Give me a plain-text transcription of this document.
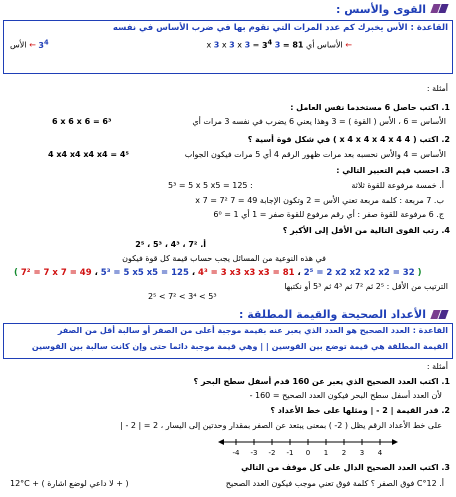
القوى والأسس :
القاعدة : الأس يخبرك كم عدد المرات التي تقوم بها في ضرب الأساس في نفسه
الأس ← $3^4$	← الأساس أي 81 = 3 x 3 x 3 x $3 = 3^4$
أمثلة :
1. اكتب حاصل 6 مستخدما نفس العامل :
الأساس = 6 ، الأس ( القوة ) = 3 وهذا يعني 6 يضرب في نفسه 3 مرات أي
6 x 6 x 6 = 6³
2. اكتب ( 4 x 4 x 4 x 4 x 4 ) في شكل قوة أسية ؟
الأساس = 4 والأس نحسبه بعد مرات ظهور الرقم 4 أي 5 مرات فيكون الجواب
4 x4 x4 x4 x4 = 4⁵
3. احسب قيم التعبير التالي :
أ. خمسة مرفوعة للقوة ثلاثة
5³ = 5 x 5 x5 = 125 :
ب. 7 مربعة : كلمة مربعة تعني الأس = 2 وتكون الإجابة 49 = 7 x 7 = 7²
ج. 6 مرفوعة للقوة صفر : أي رقم مرفوع للقوة صفر = 1 أي 1 = 6⁰
4. رتب القوى التالية من الأقل إلى الأكبر ؟
أ. 7² ، 4³ ، 5³ ، 2⁵
في هذه النوعية من المسائل يجب حساب قيمة كل قوة فيكون
( 7² = 7 x 7 = 49 ، 5³ = 5 x5 x5 = 125 ، 4³ = 3 x3 x3 x3 = 81 ، 2⁵ = 2 x2 x2 x2 x2 = 32 )
الترتيب من الأقل : 2⁵ ثم 7² ثم 4³ ثم 5³ أو نكتبها
2⁵ < 7² < 3⁴ < 5³
الأعداد الصحيحة والقيمة المطلقة :
القاعدة : العدد الصحيح هو العدد الذي يعبر عنه بقيمة موجبة أعلى من الصفر أو سالبة أقل من الصفر
القيمة المطلقة هي قيمة توضع بين القوسين | | وهي قيمة موجبة دائما حتى وإن كانت سالبة بين القوسين
أمثلة :
1. اكتب العدد الصحيح الذي يعبر عن 160 قدم أسفل سطح البحر ؟
لأن العدد أسفل سطح البحر فيكون العدد الصحيح = 160 -
2. قدر القيمة | 2 - | ومثلها على خط الأعداد ؟
على خط الأعداد الرقم يظل ( 2- ) بمعنى يبتعد عن الصفر بمقدار وحدتين إلى اليسار ، 2 = | 2 - |
-4 -3 -2 -1 0 1 2 3 4
3. اكتب العدد الصحيح الدال على كل موقف من التالي
أ. 12°C فوق الصفر ؟ كلمة فوق تعني موجب فيكون العدد الصحيح
12°C + ( لا داعي لوضع اشارة + )
